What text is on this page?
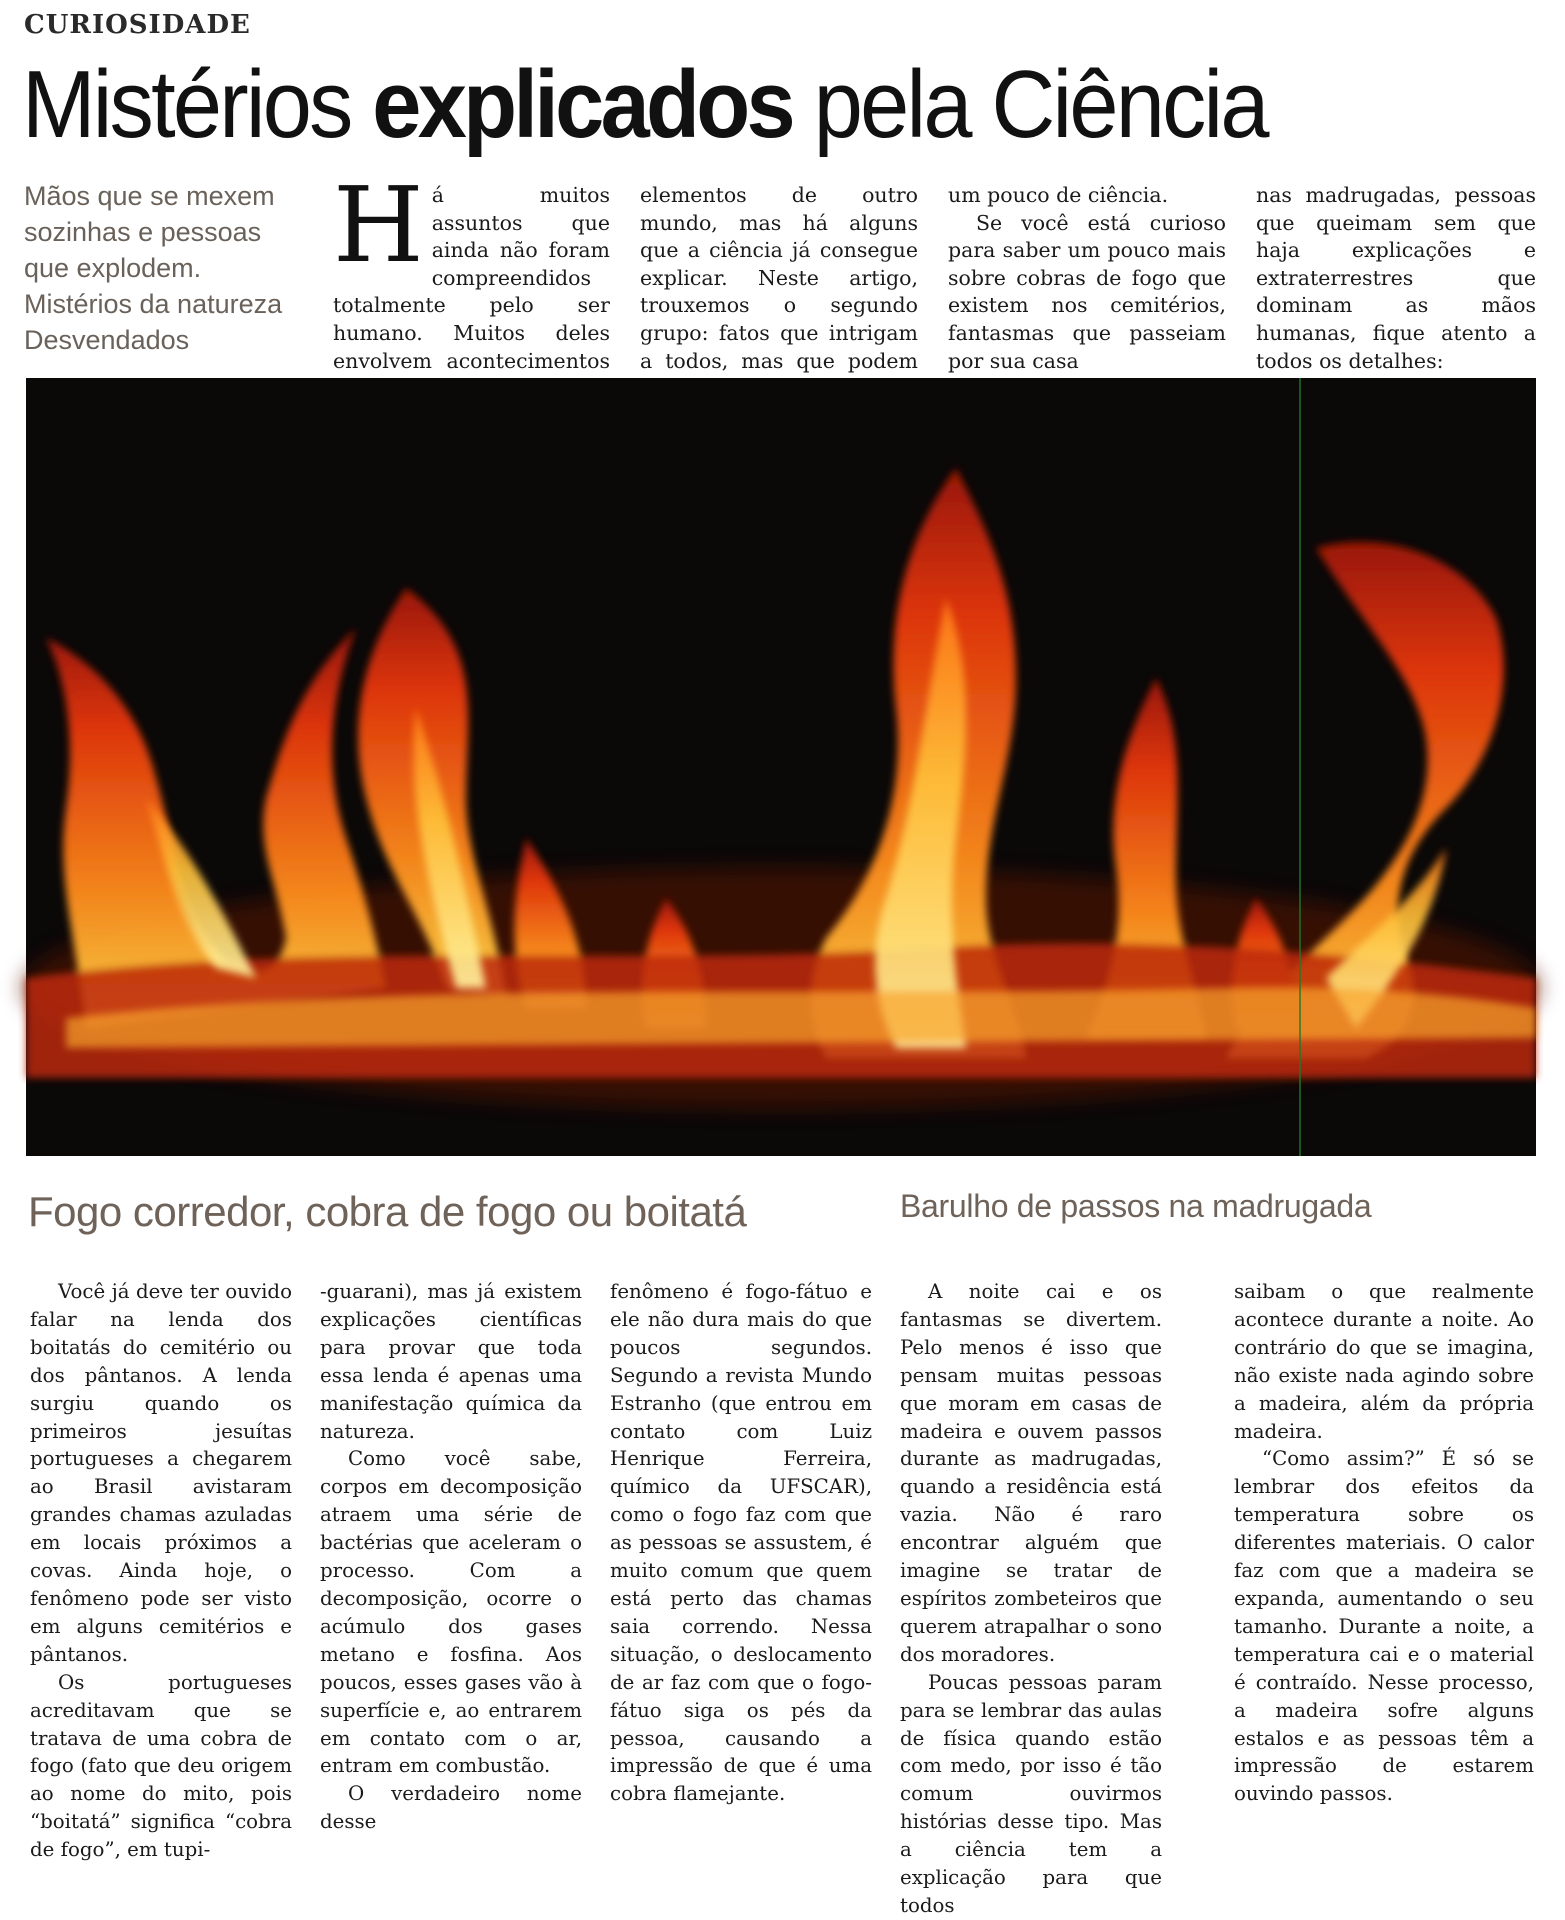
CURIOSIDADE
Mistérios explicados pela Ciência
Mãos que se mexem
sozinhas e pessoas
que explodem.
Mistérios da natureza
Desvendados
Há muitos assuntos que ainda não foram compreendidos totalmente pelo ser humano. Muitos deles envolvem acontecimentos
elementos de outro mundo, mas há alguns que a ciência já consegue explicar. Neste artigo, trouxemos o segundo grupo: fatos que intrigam a todos, mas que podem
um pouco de ciência.
Se você está curioso para saber um pouco mais sobre cobras de fogo que existem nos cemitérios, fantasmas que passeiam por sua casa
nas madrugadas, pessoas que queimam sem que haja explicações e extraterrestres que dominam as mãos humanas, fique atento a todos os detalhes:
Fogo corredor, cobra de fogo ou boitatá	Barulho de passos na madrugada

Você já deve ter ouvido falar na lenda dos boitatás do cemitério ou dos pântanos. A lenda surgiu quando os primeiros jesuítas portugueses a chegarem ao Brasil avistaram grandes chamas azuladas em locais próximos a covas. Ainda hoje, o fenômeno pode ser visto em alguns cemitérios e pântanos.

Os portugueses acreditavam que se tratava de uma cobra de fogo (fato que deu origem ao nome do mito, pois “boitatá” significa “cobra de fogo”, em tupi-

-guarani), mas já existem explicações científicas para provar que toda essa lenda é apenas uma manifestação química da natureza.

Como você sabe, corpos em decomposição atraem uma série de bactérias que aceleram o processo. Com a decomposição, ocorre o acúmulo dos gases metano e fosfina. Aos poucos, esses gases vão à superfície e, ao entrarem em contato com o ar, entram em combustão.

O verdadeiro nome desse

fenômeno é fogo-fátuo e ele não dura mais do que poucos segundos. Segundo a revista Mundo Estranho (que entrou em contato com Luiz Henrique Ferreira, químico da UFSCAR), como o fogo faz com que as pessoas se assustem, é muito comum que quem está perto das chamas saia correndo. Nessa situação, o deslocamento de ar faz com que o fogo-fátuo siga os pés da pessoa, causando a impressão de que é uma cobra flamejante.

A noite cai e os fantasmas se divertem. Pelo menos é isso que pensam muitas pessoas que moram em casas de madeira e ouvem passos durante as madrugadas, quando a residência está vazia. Não é raro encontrar alguém que imagine se tratar de espíritos zombeteiros que querem atrapalhar o sono dos moradores.

Poucas pessoas param para se lembrar das aulas de física quando estão com medo, por isso é tão comum ouvirmos histórias desse tipo. Mas a ciência tem a explicação para que todos

saibam o que realmente acontece durante a noite. Ao contrário do que se imagina, não existe nada agindo sobre a madeira, além da própria madeira.

“Como assim?” É só se lembrar dos efeitos da temperatura sobre os diferentes materiais. O calor faz com que a madeira se expanda, aumentando o seu tamanho. Durante a noite, a temperatura cai e o material é contraído. Nesse processo, a madeira sofre alguns estalos e as pessoas têm a impressão de estarem ouvindo passos.
